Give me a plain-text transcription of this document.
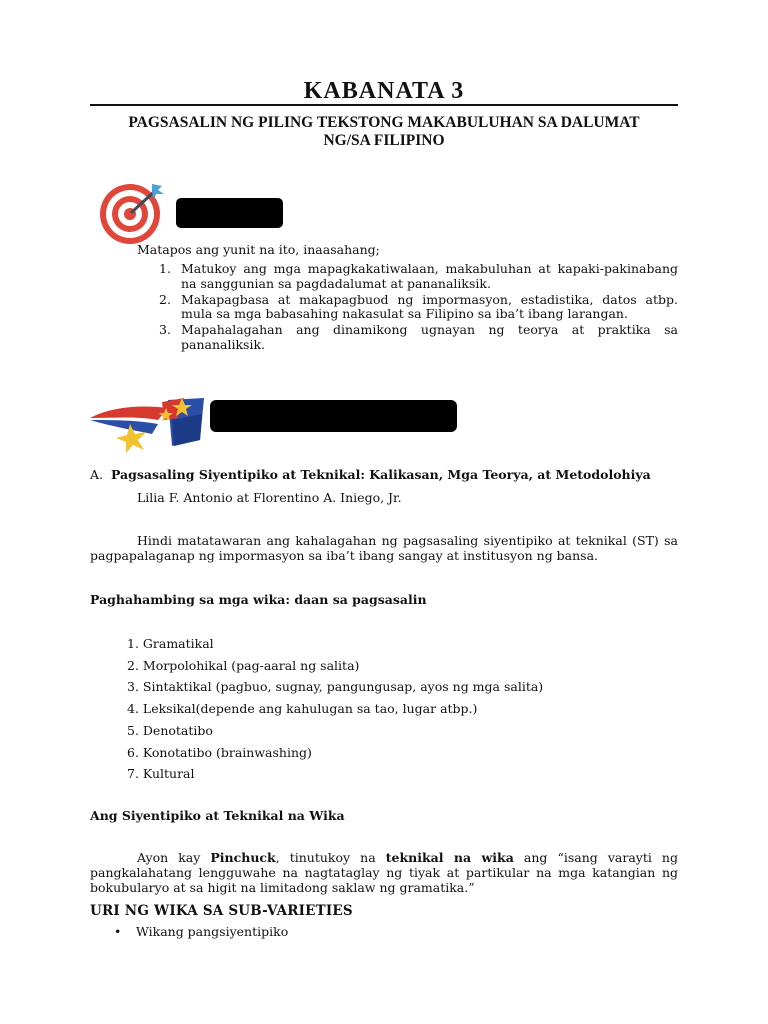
KABANATA 3
PAGSASALIN NG PILING TEKSTONG MAKABULUHAN SA DALUMAT NG/SA FILIPINO
Matapos ang yunit na ito, inaasahang;
1. Matukoy ang mga mapagkakatiwalaan, makabuluhan at kapaki-pakinabang na sanggunian sa pagdadalumat at pananaliksik.
2. Makapagbasa at makapagbuod ng impormasyon, estadistika, datos atbp. mula sa mga babasahing nakasulat sa Filipino sa iba’t ibang larangan.
3. Mapahalagahan ang dinamikong ugnayan ng teorya at praktika sa pananaliksik.
A. Pagsasaling Siyentipiko at Teknikal: Kalikasan, Mga Teorya, at Metodolohiya
Lilia F. Antonio at Florentino A. Iniego, Jr.
Hindi matatawaran ang kahalagahan ng pagsasaling siyentipiko at teknikal (ST) sa pagpapalaganap ng impormasyon sa iba’t ibang sangay at institusyon ng bansa.
Paghahambing sa mga wika: daan sa pagsasalin
1. Gramatikal
2. Morpolohikal (pag-aaral ng salita)
3. Sintaktikal (pagbuo, sugnay, pangungusap, ayos ng mga salita)
4. Leksikal(depende ang kahulugan sa tao, lugar atbp.)
5. Denotatibo
6. Konotatibo (brainwashing)
7. Kultural
Ang Siyentipiko at Teknikal na Wika
Ayon kay Pinchuck, tinutukoy na teknikal na wika ang “isang varayti ng pangkalahatang lengguwahe na nagtataglay ng tiyak at partikular na mga katangian ng bokubularyo at sa higit na limitadong saklaw ng gramatika.”
URI NG WIKA SA SUB-VARIETIES
• Wikang pangsiyentipiko
